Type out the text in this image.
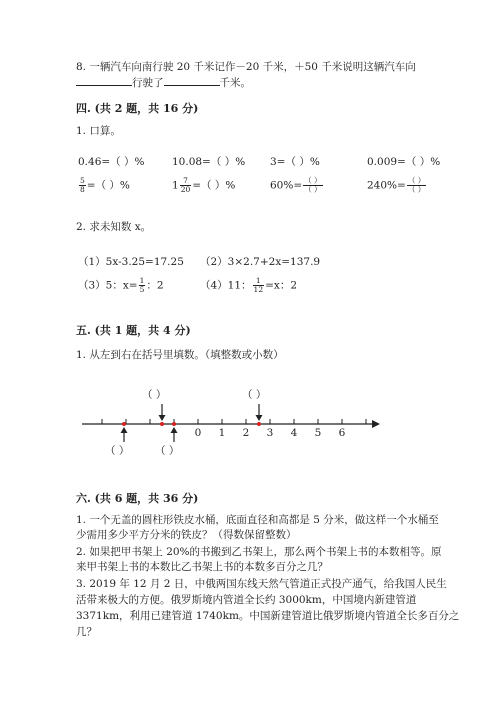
8. 一辆汽车向南行驶 20 千米记作－20 千米，＋50 千米说明这辆汽车向
行驶了	千米。
四. (共 2 题，共 16 分)
1. 口算。
0.46=（ ）%	10.08=（ ）% 3=（ ）%	0.009=（ ）%
$\frac{5}{8}$ =（ ）%	$1 \frac{7}{20}$ =（ ）%	$60\%= \frac{( )}{( )}$	$240\%= \frac{( )}{( )}$
2. 求未知数 x。
（1）5x-3.25=17.25 （2）3×2.7+2x=137.9
（3）5：$x= \frac{1}{5}$ ：2	（4）11： $\frac{1}{12} =x$：2
五. (共 1 题，共 4 分)
1. 从左到右在括号里填数。（填整数或小数）
（ ）	（ ）
（ ） （ ）
0 1 2 3 4 5 6
六. (共 6 题，共 36 分)
1. 一个无盖的圆柱形铁皮水桶，底面直径和高都是 5 分米，做这样一个水桶至
少需用多少平方分米的铁皮？（得数保留整数）
2. 如果把甲书架上 20%的书搬到乙书架上，那么两个书架上书的本数相等。原
来甲书架上书的本数比乙书架上书的本数多百分之几？
3. 2019 年 12 月 2 日，中俄两国东线天然气管道正式投产通气，给我国人民生
活带来极大的方便。俄罗斯境内管道全长约 3000km，中国境内新建管道
3371km，利用已建管道 1740km。中国新建管道比俄罗斯境内管道全长多百分之
几？
